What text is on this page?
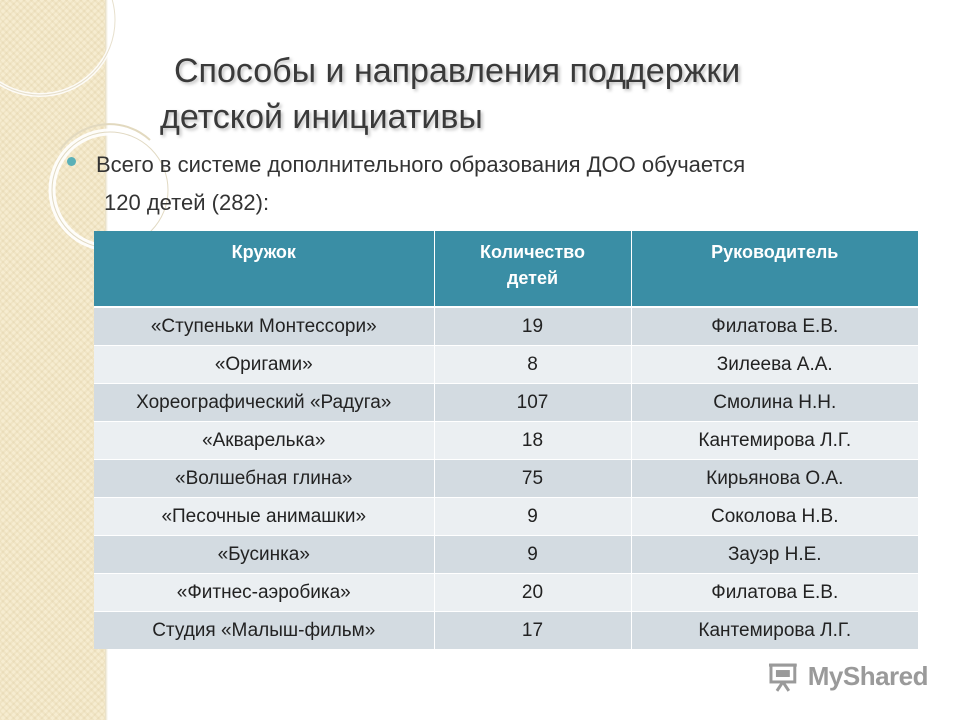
Способы и направления поддержки
детской инициативы
Всего в системе дополнительного образования ДОО обучается
120 детей (282):
Кружок	Количество детей	Руководитель
«Ступеньки Монтессори»	19	Филатова Е.В.
«Оригами»	8	Зилеева А.А.
Хореографический «Радуга»	107	Смолина Н.Н.
«Акварелька»	18	Кантемирова Л.Г.
«Волшебная глина»	75	Кирьянова О.А.
«Песочные анимашки»	9	Соколова Н.В.
«Бусинка»	9	Зауэр Н.Е.
«Фитнес-аэробика»	20	Филатова Е.В.
Студия «Малыш-фильм»	17	Кантемирова Л.Г.
MyShared
